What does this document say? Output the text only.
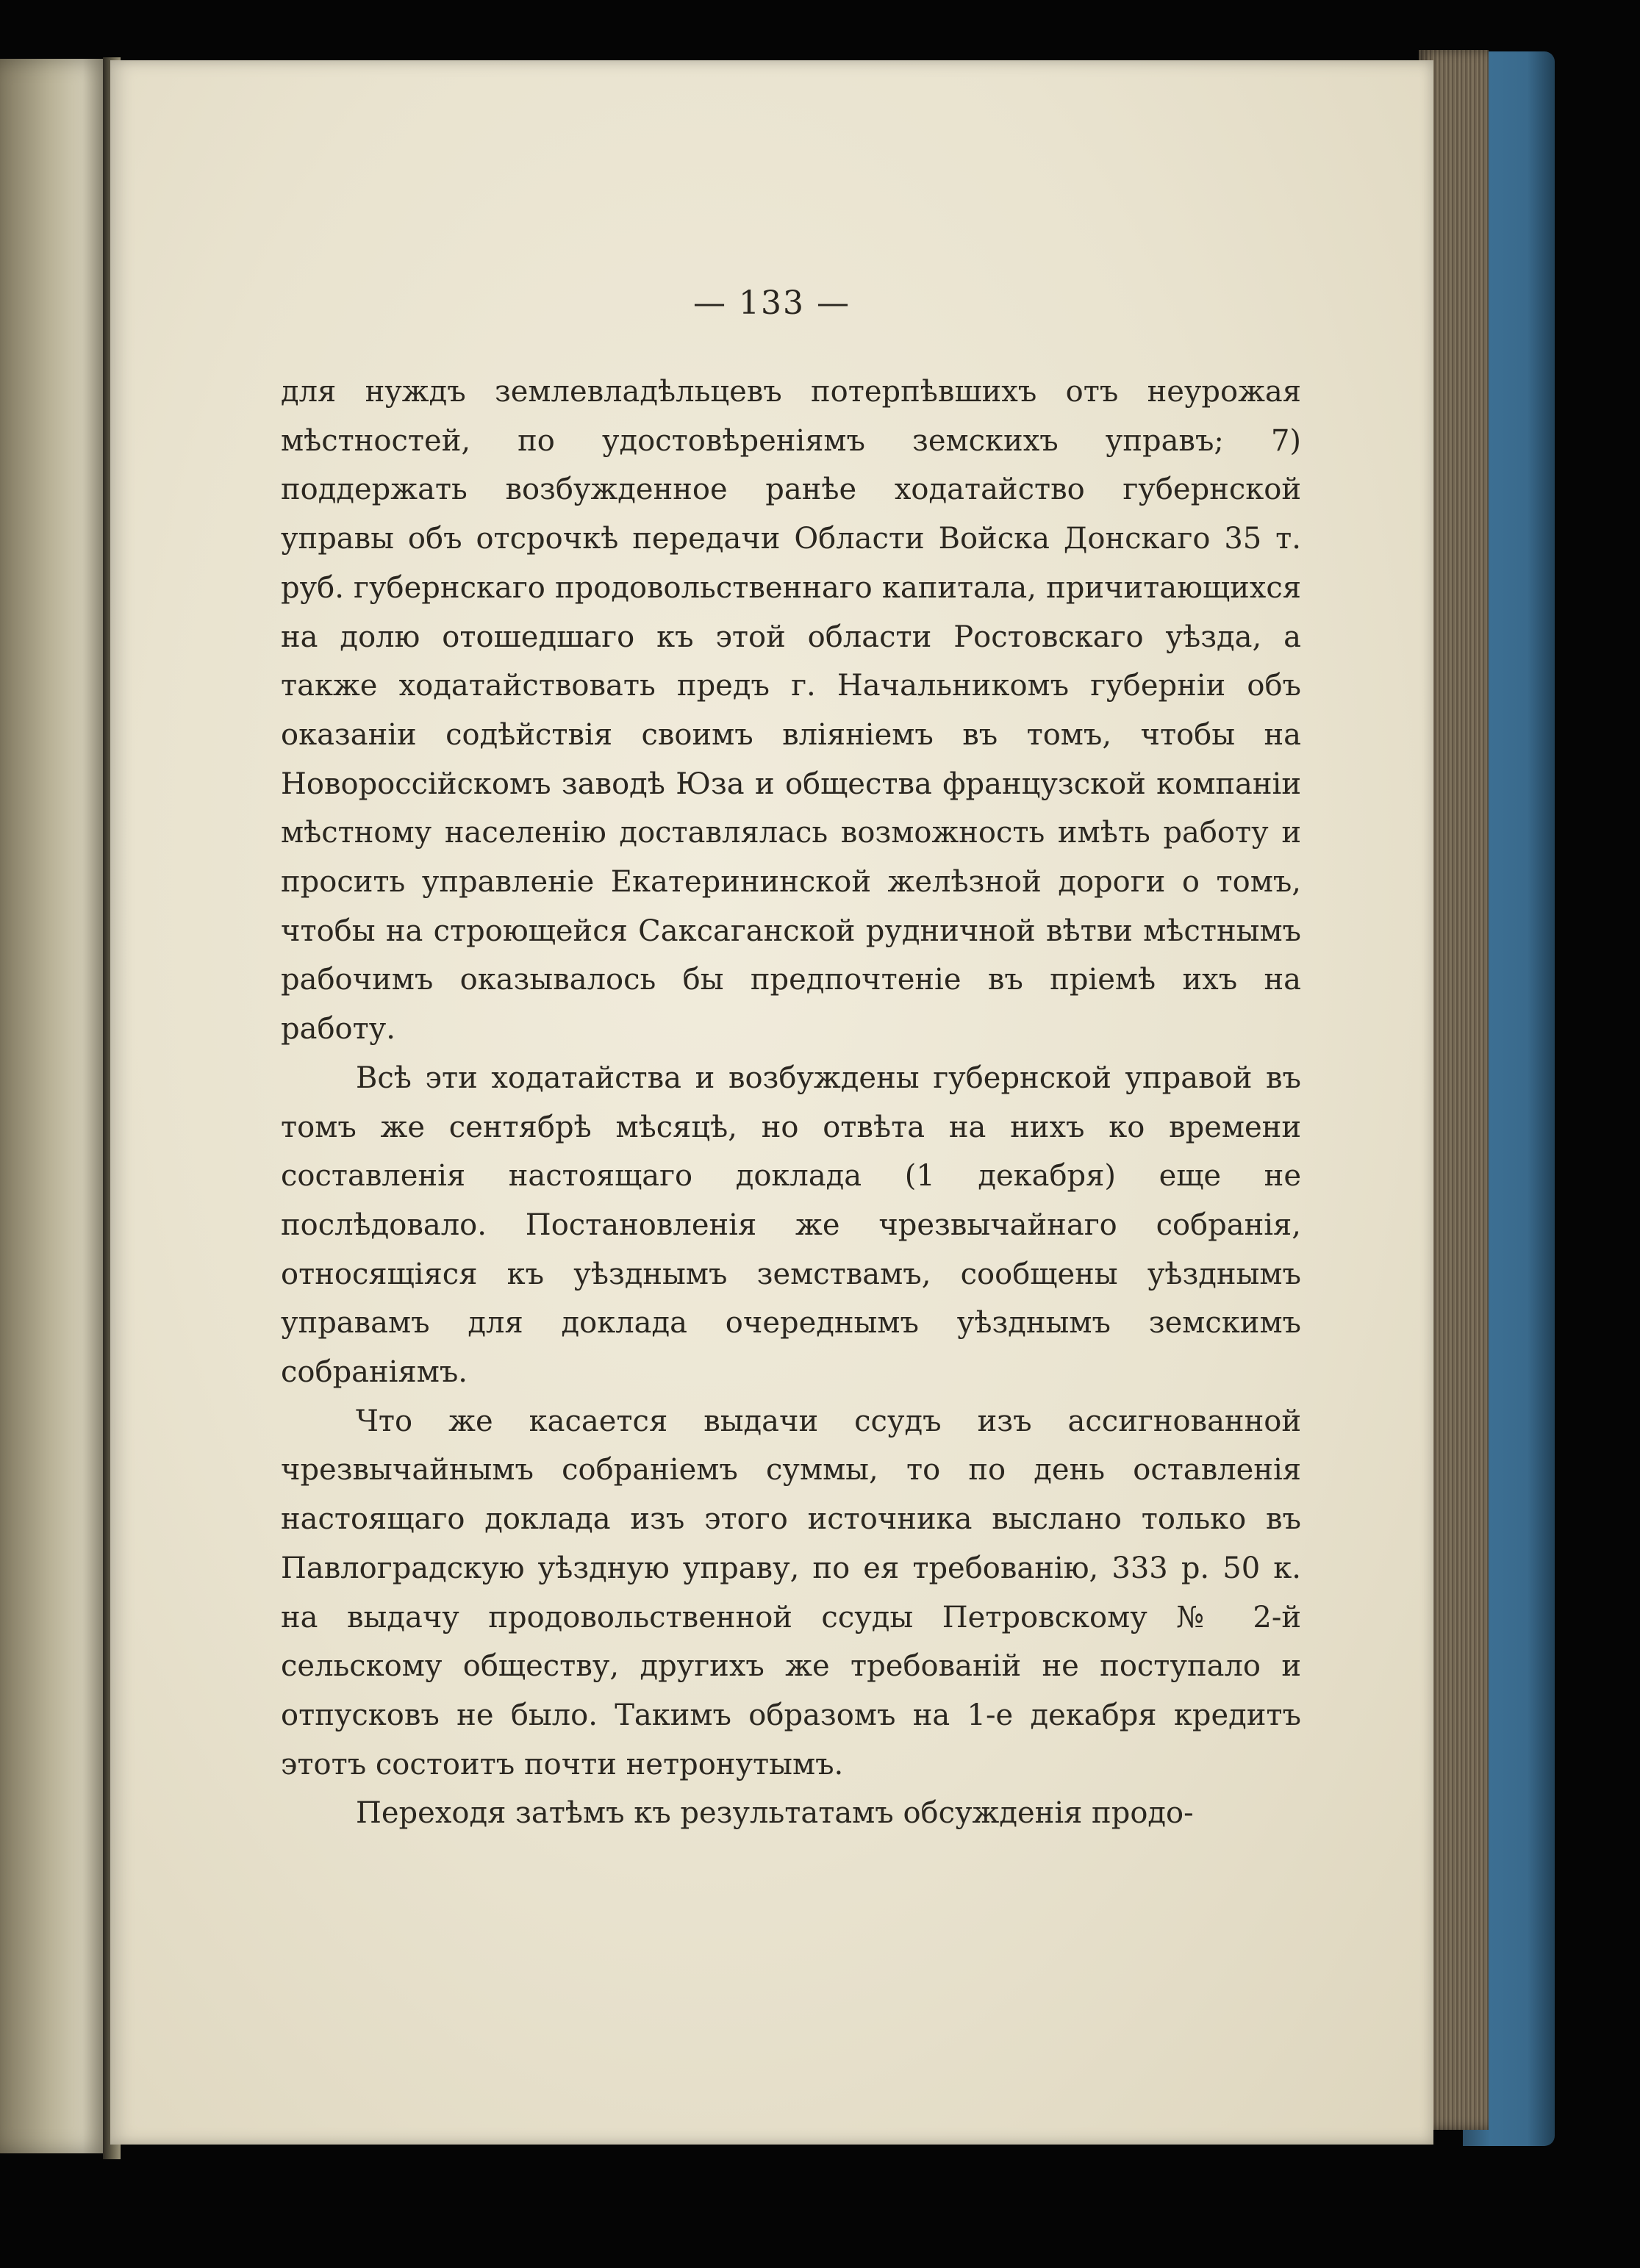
— 133 —

для нуждъ землевладѣльцевъ потерпѣвшихъ отъ неурожая мѣстностей, по удостовѣреніямъ земскихъ управъ; 7) поддержать возбужденное ранѣе ходатайство губернской управы объ отсрочкѣ передачи Области Войска Донскаго 35 т. руб. губернскаго продовольственнаго капитала, причитающихся на долю отошедшаго къ этой области Ростовскаго уѣзда, а также ходатайствовать предъ г. Начальникомъ губерніи объ оказаніи содѣйствія своимъ вліяніемъ въ томъ, чтобы на Новороссійскомъ заводѣ Юза и общества французской компаніи мѣстному населенію доставлялась возможность имѣть работу и просить управленіе Екатерининской желѣзной дороги о томъ, чтобы на строющейся Саксаганской рудничной вѣтви мѣстнымъ рабочимъ оказывалось бы предпочтеніе въ пріемѣ ихъ на работу.

Всѣ эти ходатайства и возбуждены губернской управой въ томъ же сентябрѣ мѣсяцѣ, но отвѣта на нихъ ко времени составленія настоящаго доклада (1 декабря) еще не послѣдовало. Постановленія же чрезвычайнаго собранія, относящіяся къ уѣзднымъ земствамъ, сообщены уѣзднымъ управамъ для доклада очереднымъ уѣзднымъ земскимъ собраніямъ.

Что же касается выдачи ссудъ изъ ассигнованной чрезвычайнымъ собраніемъ суммы, то по день оставленія настоящаго доклада изъ этого источника выслано только въ Павлоградскую уѣздную управу, по ея требованію, 333 р. 50 к. на выдачу продовольственной ссуды Петровскому № 2-й сельскому обществу, другихъ же требованій не поступало и отпусковъ не было. Такимъ образомъ на 1-е декабря кредитъ этотъ состоитъ почти нетронутымъ.

Переходя затѣмъ къ результатамъ обсужденія продо-
